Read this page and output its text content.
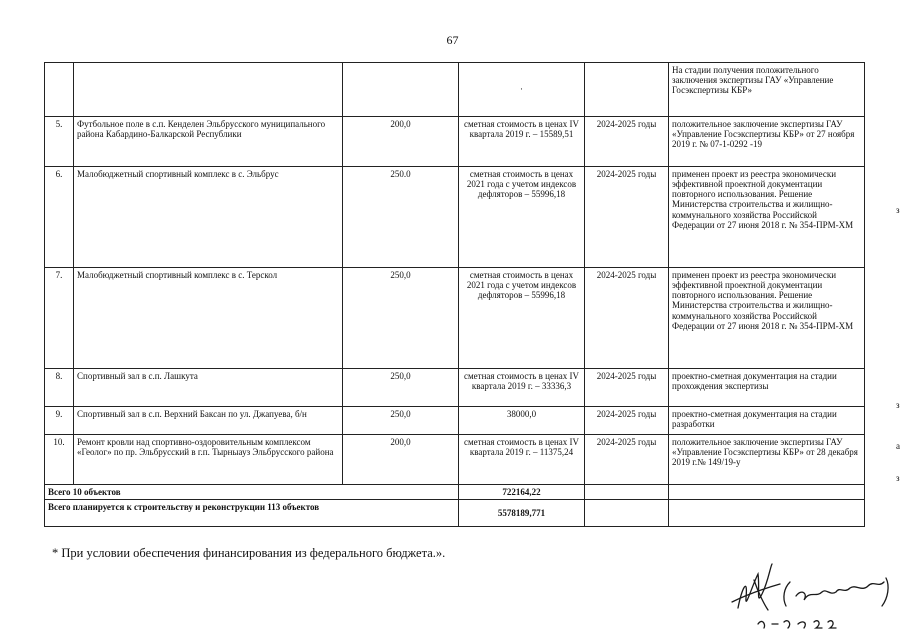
67
			·		На стадии получения положительного заключения экспертизы ГАУ «Управление Госэкспертизы КБР»
5.	Футбольное поле в с.п. Кенделен Эльбрусского муниципального района Кабардино-Балкарской Республики	200,0	сметная стоимость в ценах IV квартала 2019 г. – 15589,51	2024-2025 годы	положительное заключение экспертизы ГАУ «Управление Госэкспертизы КБР» от 27 ноября 2019 г. № 07-1-0292 -19
6.	Малобюджетный спортивный комплекс в с. Эльбрус	250.0	сметная стоимость в ценах 2021 года с учетом индексов дефляторов – 55996,18	2024-2025 годы	применен проект из реестра экономически эффективной проектной документации повторного использования. Решение Министерства строительства и жилищно-коммунального хозяйства Российской Федерации от 27 июня 2018 г. № 354-ПРМ-ХМ
7.	Малобюджетный спортивный комплекс в с. Терскол	250,0	сметная стоимость в ценах 2021 года с учетом индексов дефляторов – 55996,18	2024-2025 годы	применен проект из реестра экономически эффективной проектной документации повторного использования. Решение Министерства строительства и жилищно-коммунального хозяйства Российской Федерации от 27 июня 2018 г. № 354-ПРМ-ХМ
8.	Спортивный зал в с.п. Лашкута	250,0	сметная стоимость в ценах IV квартала 2019 г. – 33336,3	2024-2025 годы	проектно-сметная документация на стадии прохождения экспертизы
9.	Спортивный зал в с.п. Верхний Баксан по ул. Джапуева, б/н	250,0	38000,0	2024-2025 годы	проектно-сметная документация на стадии разработки
10.	Ремонт кровли над спортивно-оздоровительным комплексом «Геолог» по пр. Эльбрусский в г.п. Тырныауз Эльбрусского района	200,0	сметная стоимость в ценах IV квартала 2019 г. – 11375,24	2024-2025 годы	положительное заключение экспертизы ГАУ «Управление Госэкспертизы КБР» от 28 декабря 2019 г.№ 149/19-у
Всего 10 объектов			722164,22		
Всего планируется к строительству и реконструкции 113 объектов			5578189,771		
* При условии обеспечения финансирования из федерального бюджета.».
з
з
а
з
